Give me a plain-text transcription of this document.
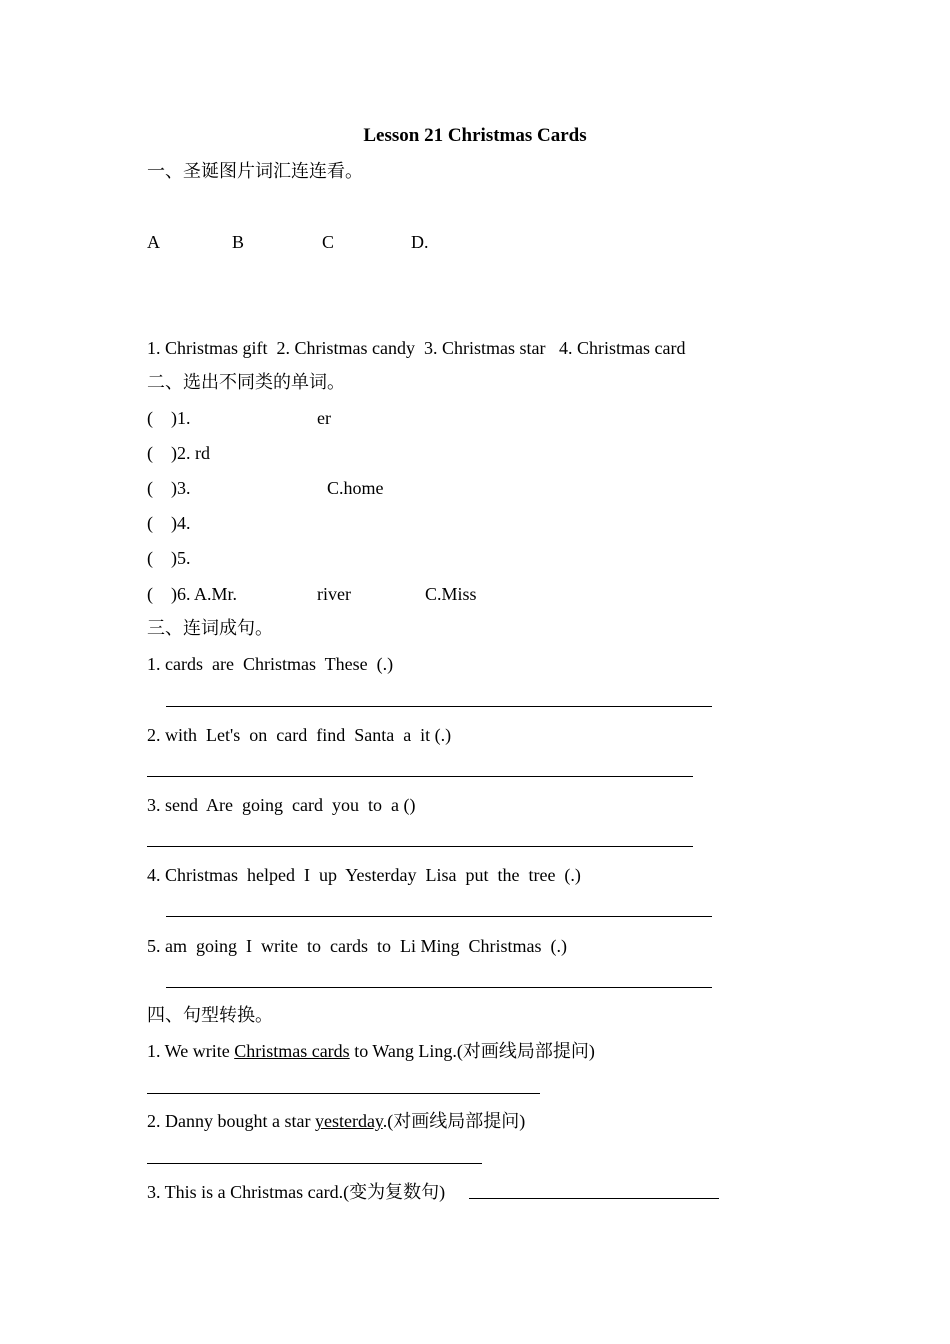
Lesson 21 Christmas Cards
一、圣诞图片词汇连连看。
A	B	C	D.
1. Christmas gift  2. Christmas candy  3. Christmas star   4. Christmas card
二、选出不同类的单词。
(    )1.	er
(    )2. rd
(    )3.	C.home
(    )4.
(    )5.
(    )6. A.Mr.	river	C.Miss
三、连词成句。
1. cards  are  Christmas  These  (.)
2. with  Let's  on  card  find  Santa  a  it (.)
3. send  Are  going  card  you  to  a ()
4. Christmas  helped  I  up  Yesterday  Lisa  put  the  tree  (.)
5. am  going  I  write  to  cards  to  Li Ming  Christmas  (.)
四、句型转换。
1. We write Christmas cards to Wang Ling.(对画线局部提问)
2. Danny bought a star yesterday.(对画线局部提问)
3. This is a Christmas card.(变为复数句)
